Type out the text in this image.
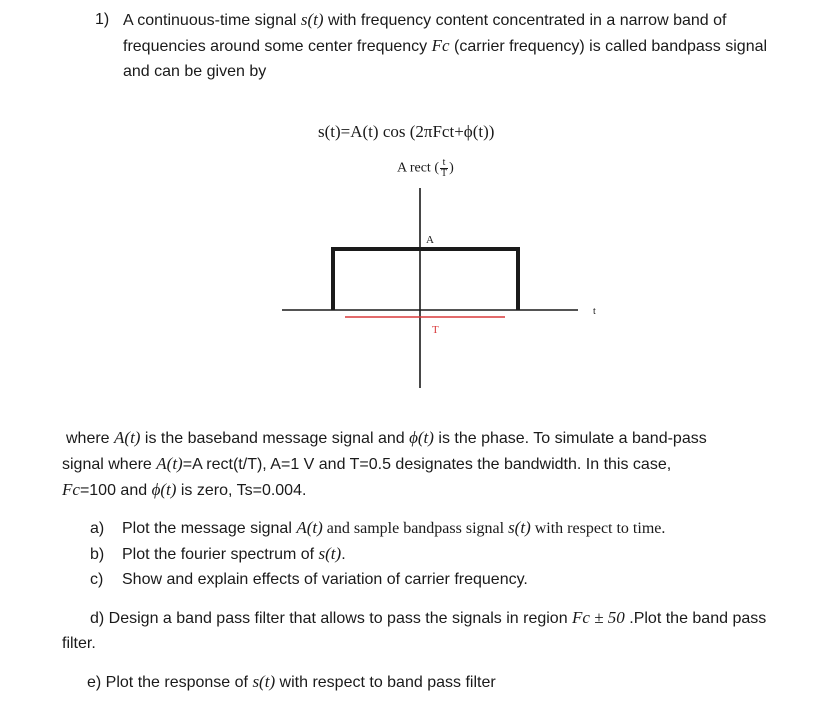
1) A continuous-time signal s(t) with frequency content concentrated in a narrow band of
frequencies around some center frequency Fc (carrier frequency) is called bandpass signal
and can be given by
s(t)=A(t) cos (2πFct+ϕ(t))
A rect ( $\frac{t}{T}$ )
A
T
t
where A(t) is the baseband message signal and ϕ(t) is the phase. To simulate a band-pass
signal where A(t)=A rect(t/T), A=1 V and T=0.5 designates the bandwidth. In this case,
Fc=100 and ϕ(t) is zero, Ts=0.004.
a) Plot the message signal A(t) and sample bandpass signal s(t) with respect to time.
b) Plot the fourier spectrum of s(t).
c) Show and explain effects of variation of carrier frequency.
d) Design a band pass filter that allows to pass the signals in region Fc ± 50 .Plot the band pass
filter.
e) Plot the response of s(t) with respect to band pass filter
